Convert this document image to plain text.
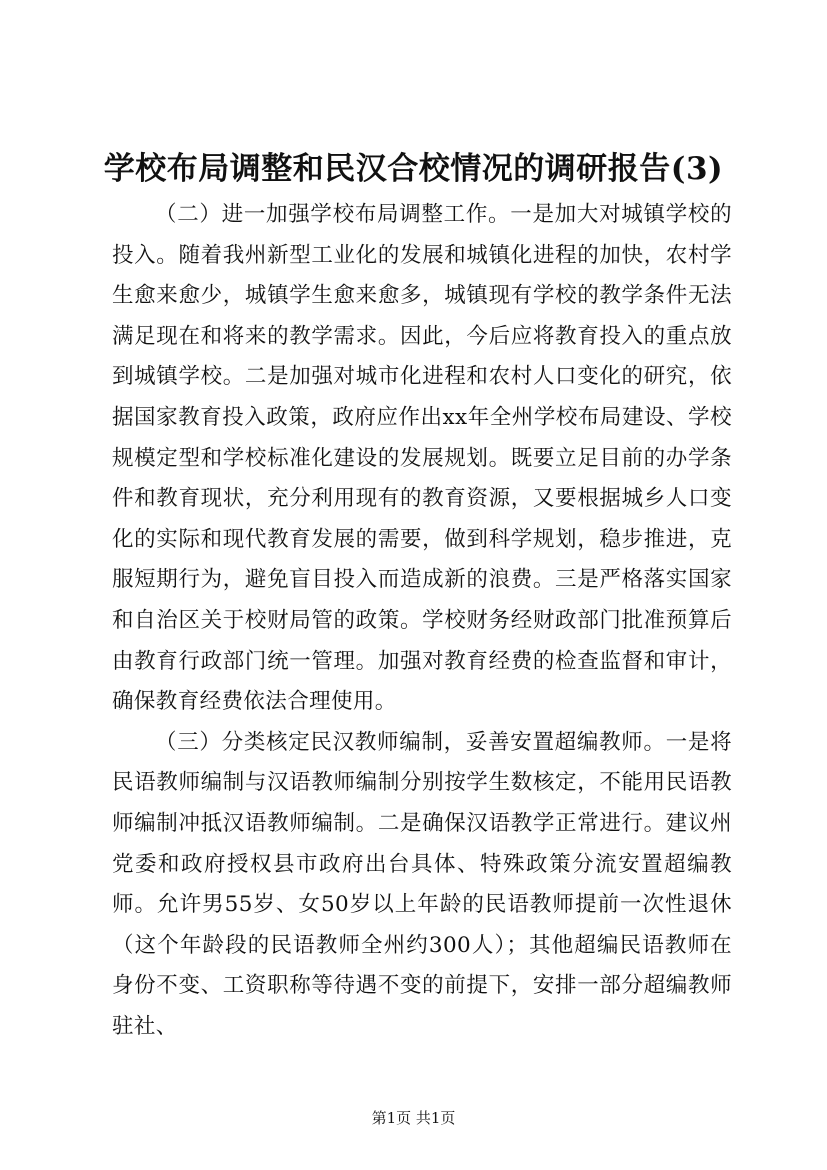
学校布局调整和民汉合校情况的调研报告(3)

（二）进一加强学校布局调整工作。一是加大对城镇学校的投入。随着我州新型工业化的发展和城镇化进程的加快，农村学生愈来愈少，城镇学生愈来愈多，城镇现有学校的教学条件无法满足现在和将来的教学需求。因此，今后应将教育投入的重点放到城镇学校。二是加强对城市化进程和农村人口变化的研究，依据国家教育投入政策，政府应作出xx年全州学校布局建设、学校规模定型和学校标准化建设的发展规划。既要立足目前的办学条件和教育现状，充分利用现有的教育资源，又要根据城乡人口变化的实际和现代教育发展的需要，做到科学规划，稳步推进，克服短期行为，避免盲目投入而造成新的浪费。三是严格落实国家和自治区关于校财局管的政策。学校财务经财政部门批准预算后由教育行政部门统一管理。加强对教育经费的检查监督和审计，确保教育经费依法合理使用。

（三）分类核定民汉教师编制，妥善安置超编教师。一是将民语教师编制与汉语教师编制分别按学生数核定，不能用民语教师编制冲抵汉语教师编制。二是确保汉语教学正常进行。建议州党委和政府授权县市政府出台具体、特殊政策分流安置超编教师。允许男55岁、女50岁以上年龄的民语教师提前一次性退休（这个年龄段的民语教师全州约300人）；其他超编民语教师在身份不变、工资职称等待遇不变的前提下，安排一部分超编教师驻社、

第1页 共1页
